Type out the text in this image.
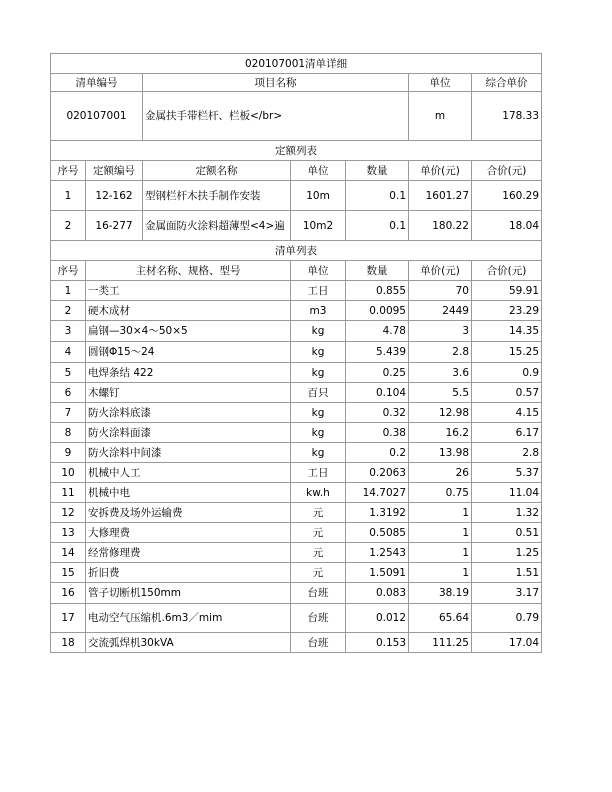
020107001清单详细						
清单编号		项目名称			单位	综合单价
020107001		金属扶手带栏杆、栏板</br>			m	178.33
定额列表						
序号	定额编号	定额名称	单位	数量	单价(元)	合价(元)
1	12-162	型钢栏杆木扶手制作安装	10m	0.1	1601.27	160.29
2	16-277	金属面防火涂料超薄型<4>遍	10m2	0.1	180.22	18.04
清单列表						
序号	主材名称、规格、型号		单位	数量	单价(元)	合价(元)
1	一类工		工日	0.855	70	59.91
2	硬木成材		m3	0.0095	2449	23.29
3	扁钢—30×4～50×5		kg	4.78	3	14.35
4	圆钢Φ15～24		kg	5.439	2.8	15.25
5	电焊条结 422		kg	0.25	3.6	0.9
6	木螺钉		百只	0.104	5.5	0.57
7	防火涂料底漆		kg	0.32	12.98	4.15
8	防火涂料面漆		kg	0.38	16.2	6.17
9	防火涂料中间漆		kg	0.2	13.98	2.8
10	机械中人工		工日	0.2063	26	5.37
11	机械中电		kw.h	14.7027	0.75	11.04
12	安拆费及场外运输费		元	1.3192	1	1.32
13	大修理费		元	0.5085	1	0.51
14	经常修理费		元	1.2543	1	1.25
15	折旧费		元	1.5091	1	1.51
16	管子切断机150mm		台班	0.083	38.19	3.17
17	电动空气压缩机.6m3／mim		台班	0.012	65.64	0.79
18	交流弧焊机30kVA		台班	0.153	111.25	17.04
